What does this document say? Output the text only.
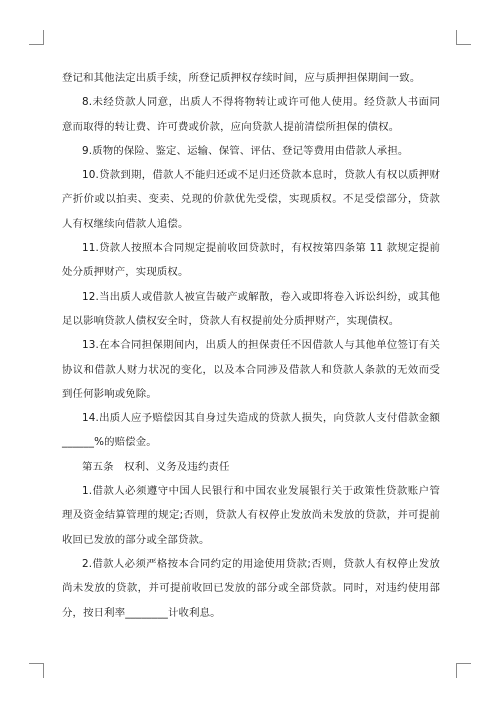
登记和其他法定出质手续，所登记质押权存续时间，应与质押担保期间一致。

8.未经贷款人同意，出质人不得将物转让或许可他人使用。经贷款人书面同意而取得的转让费、许可费或价款，应向贷款人提前清偿所担保的债权。

9.质物的保险、鉴定、运输、保管、评估、登记等费用由借款人承担。

10.贷款到期，借款人不能归还或不足归还贷款本息时，贷款人有权以质押财产折价或以拍卖、变卖、兑现的价款优先受偿，实现质权。不足受偿部分，贷款人有权继续向借款人追偿。

11.贷款人按照本合同规定提前收回贷款时，有权按第四条第 11 款规定提前处分质押财产，实现质权。

12.当出质人或借款人被宣告破产或解散，卷入或即将卷入诉讼纠纷，或其他足以影响贷款人债权安全时，贷款人有权提前处分质押财产，实现债权。

13.在本合同担保期间内，出质人的担保责任不因借款人与其他单位签订有关协议和借款人财力状况的变化，以及本合同涉及借款人和贷款人条款的无效而受到任何影响或免除。

14.出质人应予赔偿因其自身过失造成的贷款人损失，向贷款人支付借款金额______%的赔偿金。

第五条　权利、义务及违约责任

1.借款人必须遵守中国人民银行和中国农业发展银行关于政策性贷款账户管理及资金结算管理的规定;否则，贷款人有权停止发放尚未发放的贷款，并可提前收回已发放的部分或全部贷款。

2.借款人必须严格按本合同约定的用途使用贷款;否则，贷款人有权停止发放尚未发放的贷款，并可提前收回已发放的部分或全部贷款。同时，对违约使用部分，按日利率________计收利息。
